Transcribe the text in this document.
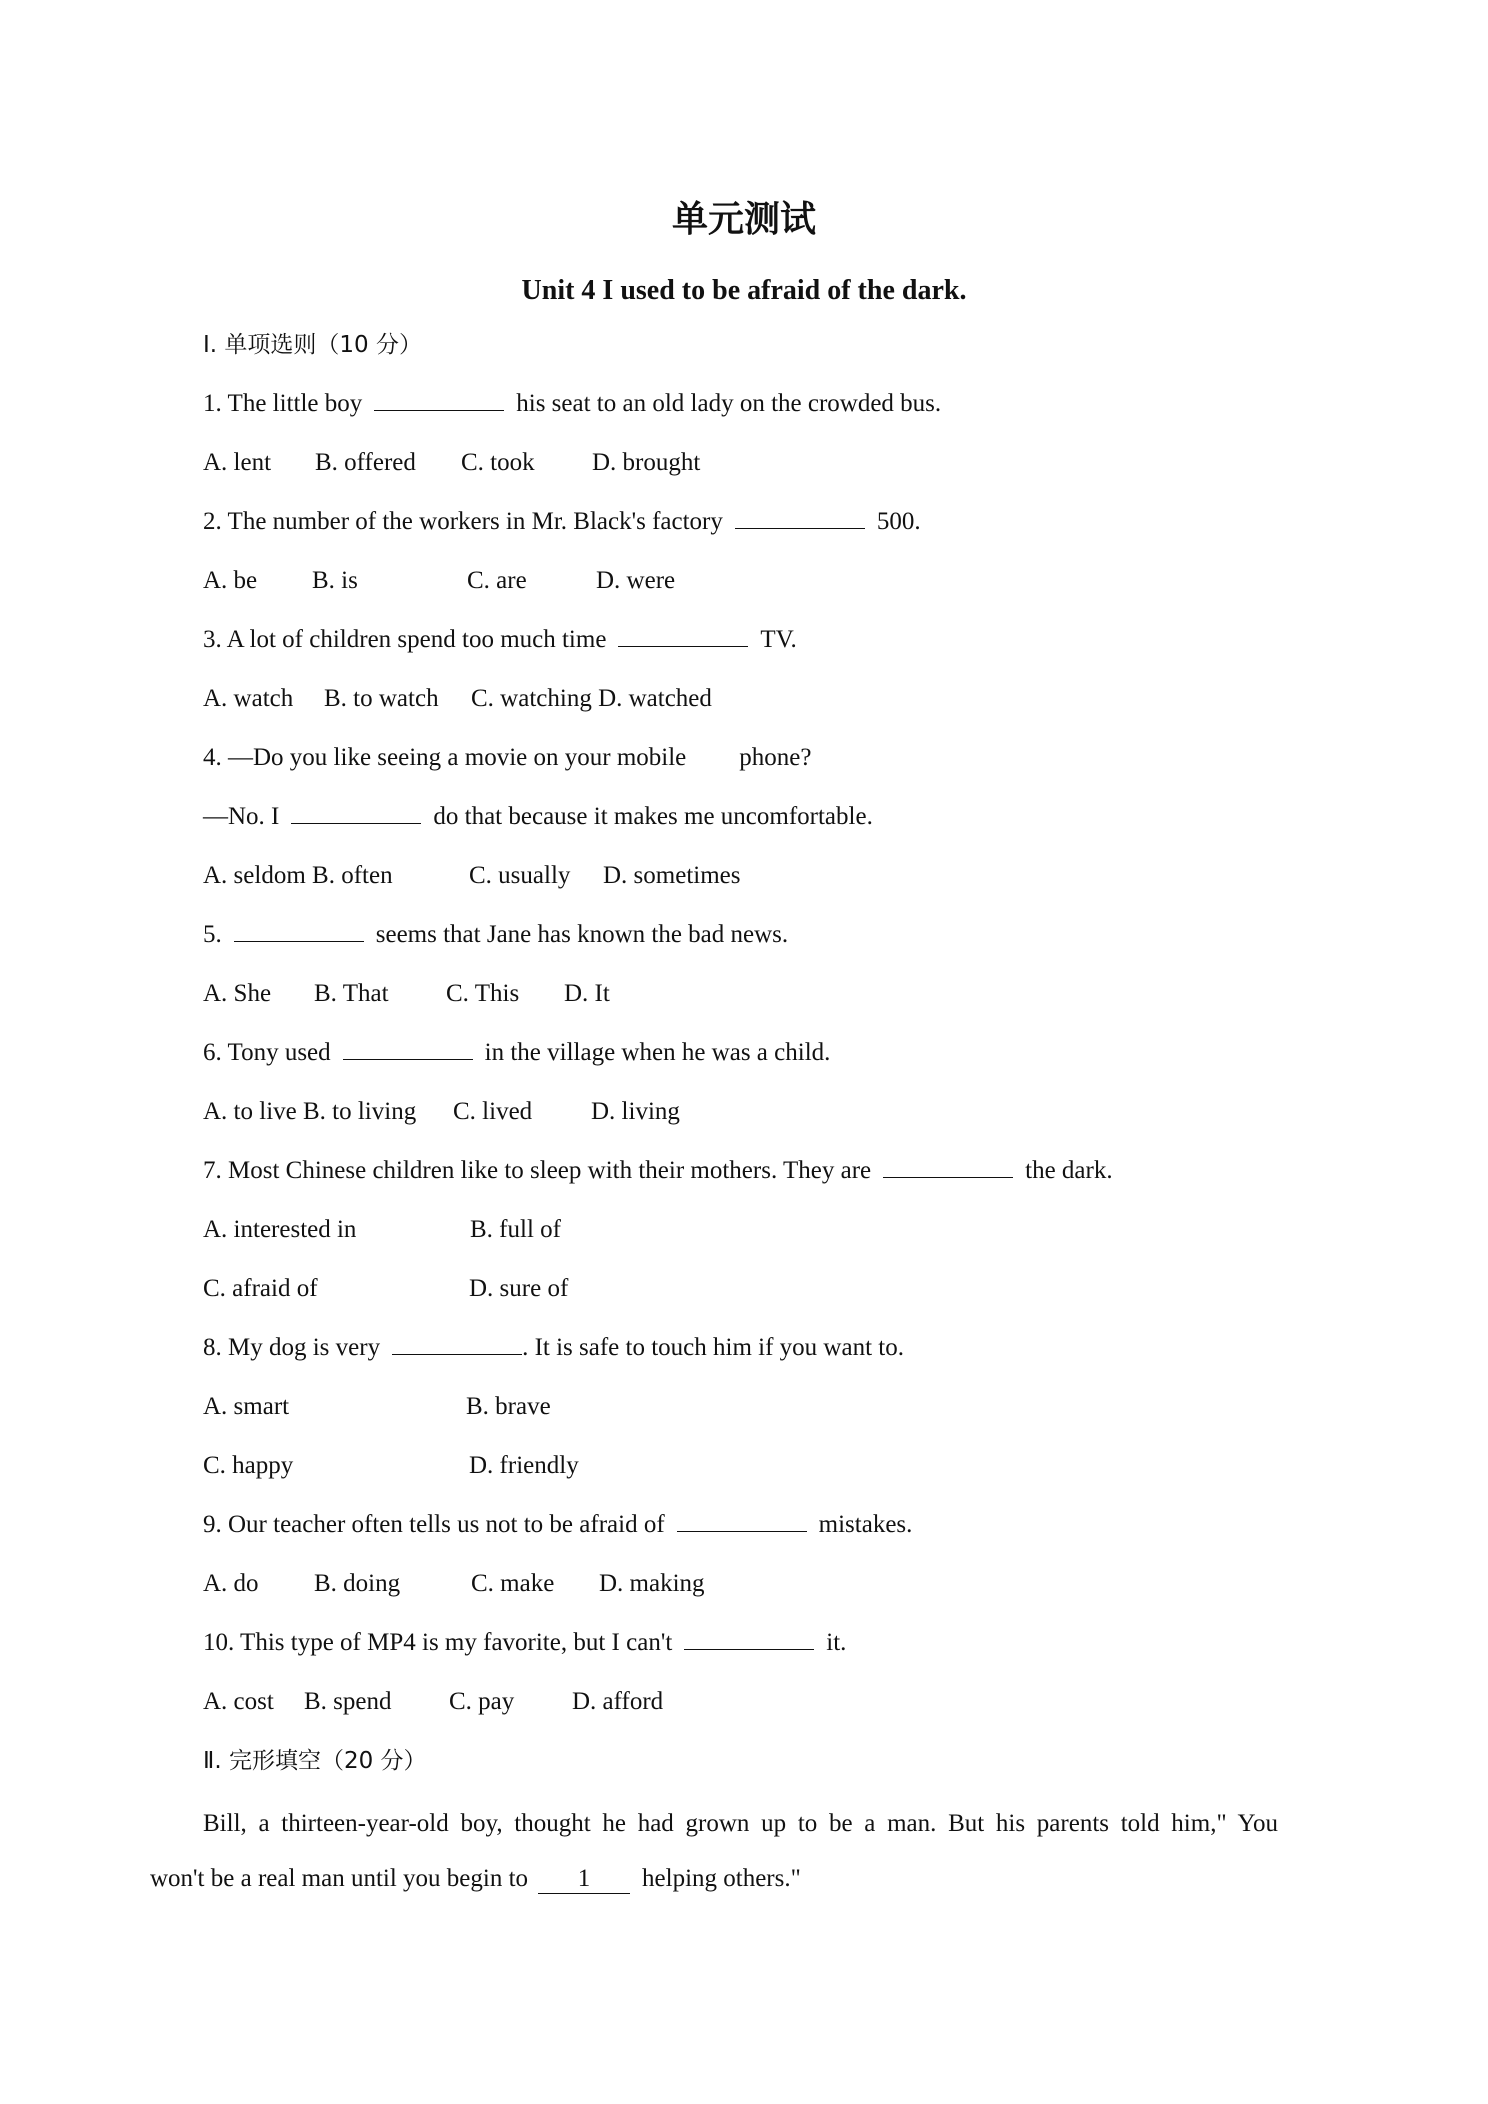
单元测试
Unit 4 I used to be afraid of the dark.
Ⅰ. 单项选则（10 分）
1. The little boy	his seat to an old lady on the crowded bus.
A. lent B. offered C. took D. brought
2. The number of the workers in Mr. Black's factory	500.
A. be B. is	C. are	D. were
3. A lot of children spend too much time	TV.
A. watch B. to watch C. watching D. watched
4. —Do you like seeing a movie on your mobile phone?
—No. I	do that because it makes me uncomfortable.
A. seldom B. often	C. usually D. sometimes
5.	seems that Jane has known the bad news.
A. She B. That C. This D. It
6. Tony used	in the village when he was a child.
A. to live B. to living C. lived D. living
7. Most Chinese children like to sleep with their mothers. They are	the dark.
A. interested in	B. full of
C. afraid of	D. sure of
8. My dog is very	. It is safe to touch him if you want to.
A. smart	B. brave
C. happy	D. friendly
9. Our teacher often tells us not to be afraid of	mistakes.
A. do B. doing	C. make D. making
10. This type of MP4 is my favorite, but I can't	it.
A. cost B. spend C. pay D. afford
Ⅱ. 完形填空（20 分）
Bill, a thirteen-year-old boy, thought he had grown up to be a man. But his parents told him," You
won't be a real man until you begin to 1 helping others."
